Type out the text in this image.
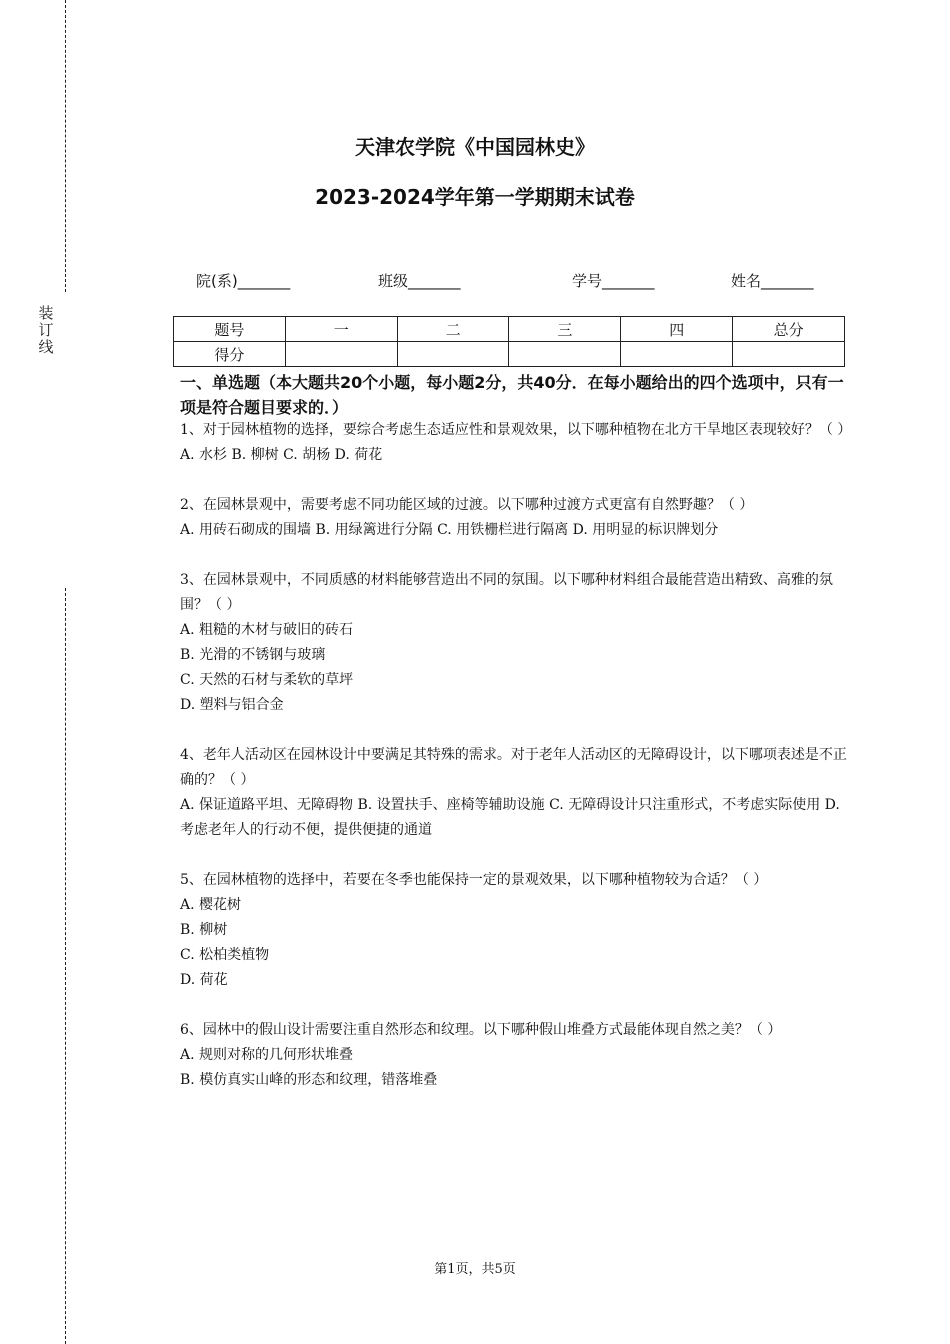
装
订
线
天津农学院《中国园林史》
2023-2024学年第一学期期末试卷
院(系)_______	班级_______	学号_______	姓名_______
题号	一	二	三	四	总分
得分					
一、单选题（本大题共20个小题，每小题2分，共40分．在每小题给出的四个选项中，只有一项是符合题目要求的．）

1、对于园林植物的选择，要综合考虑生态适应性和景观效果，以下哪种植物在北方干旱地区表现较好？（ ）

A. 水杉 B. 柳树 C. 胡杨 D. 荷花

2、在园林景观中，需要考虑不同功能区域的过渡。以下哪种过渡方式更富有自然野趣？（ ）

A. 用砖石砌成的围墙 B. 用绿篱进行分隔 C. 用铁栅栏进行隔离 D. 用明显的标识牌划分

3、在园林景观中，不同质感的材料能够营造出不同的氛围。以下哪种材料组合最能营造出精致、高雅的氛围？（ ）

A. 粗糙的木材与破旧的砖石

B. 光滑的不锈钢与玻璃

C. 天然的石材与柔软的草坪

D. 塑料与铝合金

4、老年人活动区在园林设计中要满足其特殊的需求。对于老年人活动区的无障碍设计，以下哪项表述是不正确的？（ ）

A. 保证道路平坦、无障碍物 B. 设置扶手、座椅等辅助设施 C. 无障碍设计只注重形式，不考虑实际使用 D. 考虑老年人的行动不便，提供便捷的通道

5、在园林植物的选择中，若要在冬季也能保持一定的景观效果，以下哪种植物较为合适？（ ）

A. 樱花树

B. 柳树

C. 松柏类植物

D. 荷花

6、园林中的假山设计需要注重自然形态和纹理。以下哪种假山堆叠方式最能体现自然之美？（ ）

A. 规则对称的几何形状堆叠

B. 模仿真实山峰的形态和纹理，错落堆叠

第1页，共5页
